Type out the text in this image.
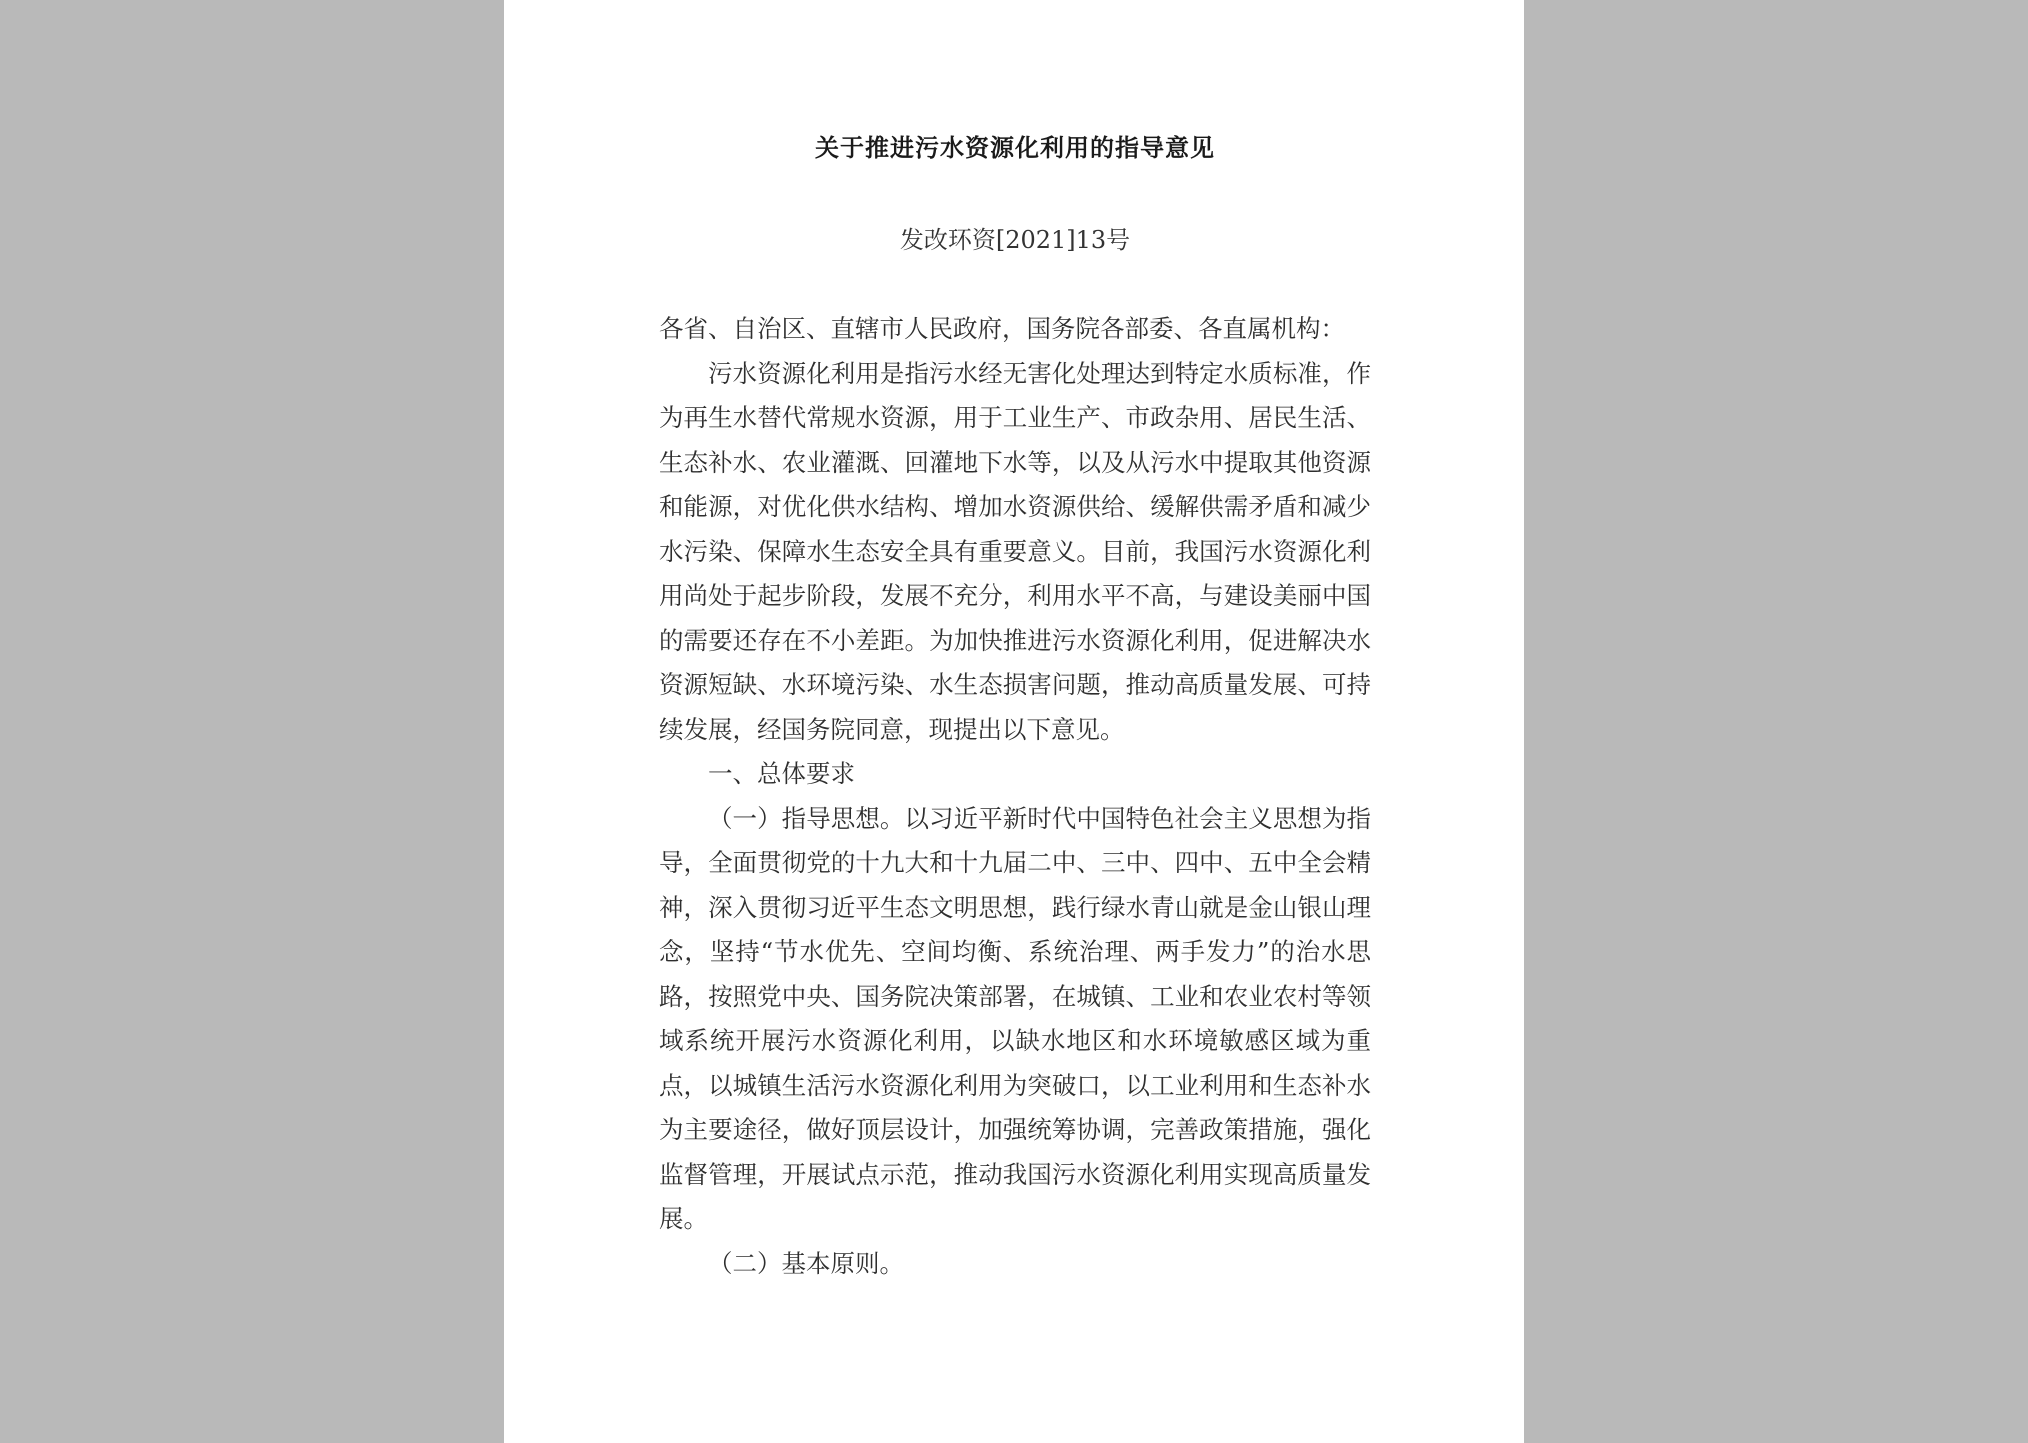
关于推进污水资源化利用的指导意见
发改环资[2021]13号

各省、自治区、直辖市人民政府，国务院各部委、各直属机构：

污水资源化利用是指污水经无害化处理达到特定水质标准，作为再生水替代常规水资源，用于工业生产、市政杂用、居民生活、生态补水、农业灌溉、回灌地下水等，以及从污水中提取其他资源和能源，对优化供水结构、增加水资源供给、缓解供需矛盾和减少水污染、保障水生态安全具有重要意义。目前，我国污水资源化利用尚处于起步阶段，发展不充分，利用水平不高，与建设美丽中国的需要还存在不小差距。为加快推进污水资源化利用，促进解决水资源短缺、水环境污染、水生态损害问题，推动高质量发展、可持续发展，经国务院同意，现提出以下意见。

一、总体要求

（一）指导思想。以习近平新时代中国特色社会主义思想为指导，全面贯彻党的十九大和十九届二中、三中、四中、五中全会精神，深入贯彻习近平生态文明思想，践行绿水青山就是金山银山理念，坚持“节水优先、空间均衡、系统治理、两手发力”的治水思路，按照党中央、国务院决策部署，在城镇、工业和农业农村等领域系统开展污水资源化利用，以缺水地区和水环境敏感区域为重点，以城镇生活污水资源化利用为突破口，以工业利用和生态补水为主要途径，做好顶层设计，加强统筹协调，完善政策措施，强化监督管理，开展试点示范，推动我国污水资源化利用实现高质量发展。

（二）基本原则。
